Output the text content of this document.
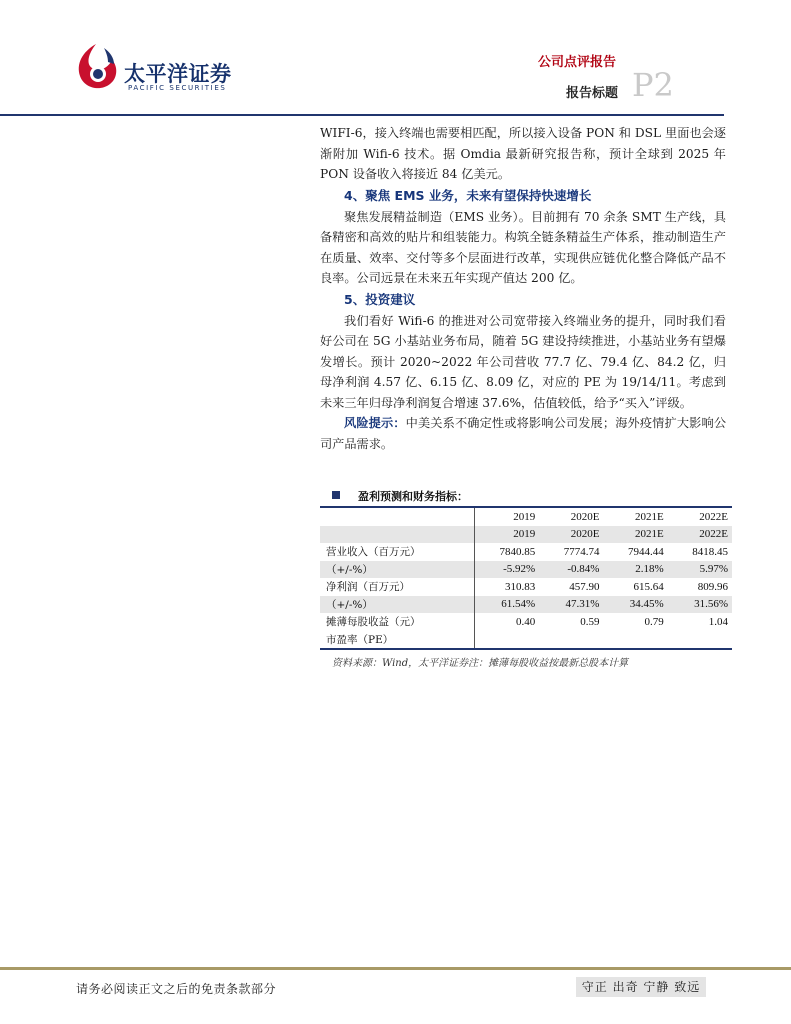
太平洋证券
PACIFIC SECURITIES
公司点评报告
报告标题 P2

WIFI-6，接入终端也需要相匹配，所以接入设备 PON 和 DSL 里面也会逐渐附加 Wifi-6 技术。据 Omdia 最新研究报告称，预计全球到 2025 年 PON 设备收入将接近 84 亿美元。

4、聚焦 EMS 业务，未来有望保持快速增长

聚焦发展精益制造（EMS 业务）。目前拥有 70 余条 SMT 生产线，具备精密和高效的贴片和组装能力。构筑全链条精益生产体系，推动制造生产在质量、效率、交付等多个层面进行改革，实现供应链优化整合降低产品不良率。公司远景在未来五年实现产值达 200 亿。

5、投资建议

我们看好 Wifi-6 的推进对公司宽带接入终端业务的提升，同时我们看好公司在 5G 小基站业务布局，随着 5G 建设持续推进，小基站业务有望爆发增长。预计 2020~2022 年公司营收 77.7 亿、79.4 亿、84.2 亿，归母净利润 4.57 亿、6.15 亿、8.09 亿，对应的 PE 为 19/14/11。考虑到未来三年归母净利润复合增速 37.6%，估值较低，给予“买入”评级。

风险提示：中美关系不确定性或将影响公司发展；海外疫情扩大影响公司产品需求。

盈利预测和财务指标：
	2019	2020E	2021E	2022E
	2019	2020E	2021E	2022E
营业收入（百万元）	7840.85	7774.74	7944.44	8418.45
（+/-%）	-5.92%	-0.84%	2.18%	5.97%
净利润（百万元）	310.83	457.90	615.64	809.96
（+/-%）	61.54%	47.31%	34.45%	31.56%
摊薄每股收益（元）	0.40	0.59	0.79	1.04
市盈率（PE）				
资料来源：Wind，太平洋证券注：摊薄每股收益按最新总股本计算
请务必阅读正文之后的免责条款部分	守正 出奇 宁静 致远
